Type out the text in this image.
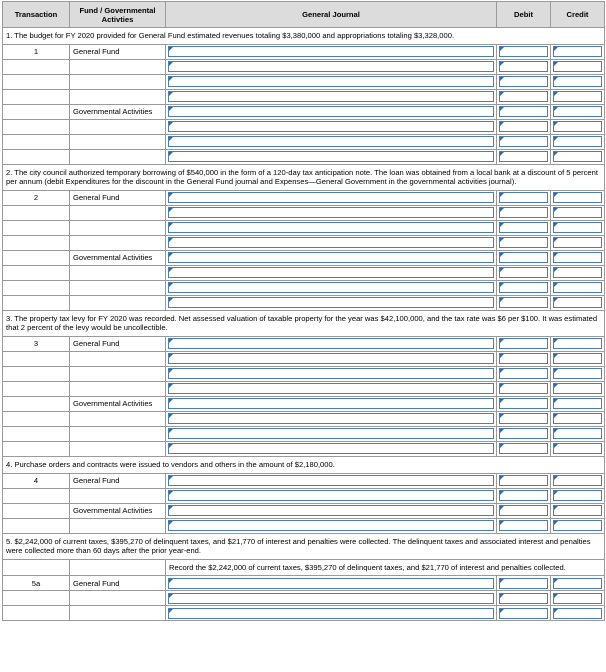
Transaction	Fund / Governmental Activties	General Journal	Debit	Credit
1. The budget for FY 2020 provided for General Fund estimated revenues totaling $3,380,000 and appropriations totaling $3,328,000.				
1	General Fund	

	Governmental Activities	

2. The city council authorized temporary borrowing of $540,000 in the form of a 120-day tax anticipation note. The loan was obtained from a local bank at a discount of 5 percent per annum (debit Expenditures for the discount in the General Fund journal and Expenses—General Government in the governmental activities journal).				
2	General Fund	

	Governmental Activities	

3. The property tax levy for FY 2020 was recorded. Net assessed valuation of taxable property for the year was $42,100,000, and the tax rate was $6 per $100. It was estimated that 2 percent of the levy would be uncollectible.				
3	General Fund	

	Governmental Activities	

4. Purchase orders and contracts were issued to vendors and others in the amount of $2,180,000.				
4	General Fund	

	Governmental Activities	

5. $2,242,000 of current taxes, $395,270 of delinquent taxes, and $21,770 of interest and penalties were collected. The delinquent taxes and associated interest and penalties were collected more than 60 days after the prior year-end.				
		Record the $2,242,000 of current taxes, $395,270 of delinquent taxes, and $21,770 of interest and penalties collected.		
5a	General Fund	
